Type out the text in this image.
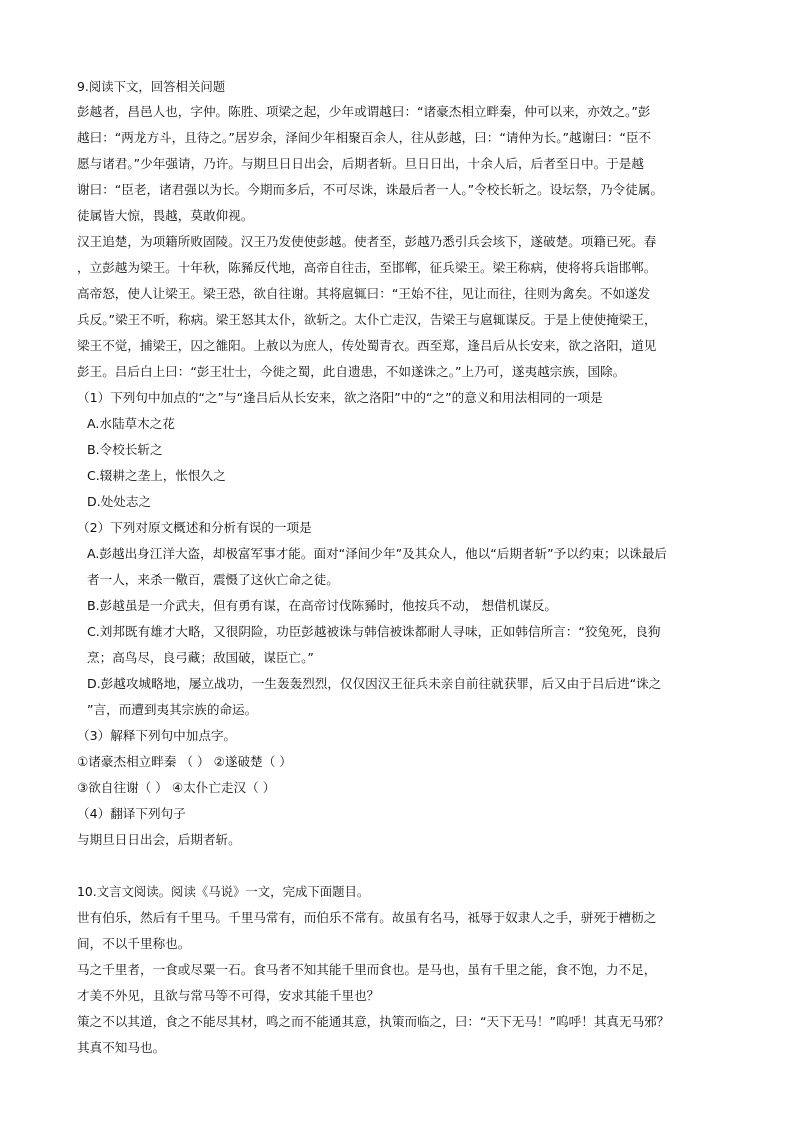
9.阅读下文，回答相关问题
彭越者，昌邑人也，字仲。陈胜、项梁之起，少年或谓越曰：“诸豪杰相立畔秦，仲可以来，亦效之。”彭
越曰：“两龙方斗，且待之。”居岁余，泽间少年相聚百余人，往从彭越，曰：“请仲为长。”越谢曰：“臣不
愿与诸君。”少年强请，乃许。与期旦日日出会，后期者斩。旦日日出，十余人后，后者至日中。于是越
谢曰：“臣老，诸君强以为长。今期而多后，不可尽诛，诛最后者一人。”令校长斩之。设坛祭，乃令徒属。
徒属皆大惊，畏越，莫敢仰视。
汉王追楚，为项籍所败固陵。汉王乃发使使彭越。使者至，彭越乃悉引兵会垓下，遂破楚。项籍已死。春
，立彭越为梁王。十年秋，陈豨反代地，高帝自往击，至邯郸，征兵梁王。梁王称病，使将将兵诣邯郸。
高帝怒，使人让梁王。梁王恐，欲自往谢。其将扈辄曰：“王始不往，见让而往，往则为禽矣。不如遂发
兵反。”梁王不听，称病。梁王怒其太仆，欲斩之。太仆亡走汉，告梁王与扈辄谋反。于是上使使掩梁王，
梁王不觉，捕梁王，囚之雒阳。上赦以为庶人，传处蜀青衣。西至郑，逢吕后从长安来，欲之洛阳，道见
彭王。吕后白上曰：“彭王壮士，今徙之蜀，此自遗患，不如遂诛之。”上乃可，遂夷越宗族，国除。
（1）下列句中加点的“之”与“逢吕后从长安来，欲之洛阳”中的“之”的意义和用法相同的一项是
A.水陆草木之花
B.令校长斩之
C.辍耕之垄上，怅恨久之
D.处处志之
（2）下列对原文概述和分析有误的一项是
A.彭越出身江洋大盗，却极富军事才能。面对“泽间少年”及其众人，他以“后期者斩”予以约束；以诛最后
者一人，来杀一儆百，震慑了这伙亡命之徒。
B.彭越虽是一介武夫，但有勇有谋，在高帝讨伐陈豨时，他按兵不动， 想借机谋反。
C.刘邦既有雄才大略，又很阴险，功臣彭越被诛与韩信被诛都耐人寻味，正如韩信所言：“狡兔死，良狗
烹；高鸟尽，良弓藏；敌国破，谋臣亡。”
D.彭越攻城略地，屡立战功，一生轰轰烈烈，仅仅因汉王征兵未亲自前往就获罪，后又由于吕后进“诛之
”言，而遭到夷其宗族的命运。
（3）解释下列句中加点字。
①诸豪杰相立畔秦 （ ） ②遂破楚（ ）
③欲自往谢（ ） ④太仆亡走汉（ ）
（4）翻译下列句子
与期旦日日出会，后期者斩。
10.文言文阅读。阅读《马说》一文，完成下面题目。
世有伯乐，然后有千里马。千里马常有，而伯乐不常有。故虽有名马，祗辱于奴隶人之手，骈死于槽枥之
间，不以千里称也。
马之千里者，一食或尽粟一石。食马者不知其能千里而食也。是马也，虽有千里之能，食不饱，力不足，
才美不外见，且欲与常马等不可得，安求其能千里也？
策之不以其道，食之不能尽其材，鸣之而不能通其意，执策而临之，曰：“天下无马！”呜呼！其真无马邪？
其真不知马也。
